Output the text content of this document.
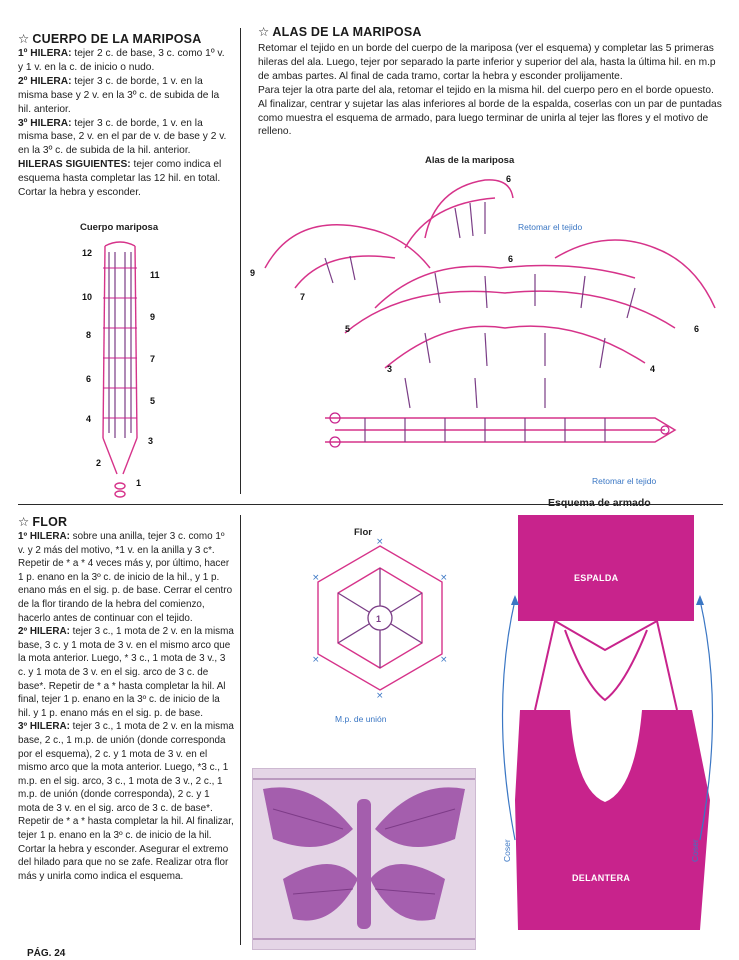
☆ CUERPO DE LA MARIPOSA

1º HILERA: tejer 2 c. de base, 3 c. como 1º v. y 1 v. en la c. de inicio o nudo.

2º HILERA: tejer 3 c. de borde, 1 v. en la misma base y 2 v. en la 3º c. de subida de la hil. anterior.

3º HILERA: tejer 3 c. de borde, 1 v. en la misma base, 2 v. en el par de v. de base y 2 v. en la 3º c. de subida de la hil. anterior.

HILERAS SIGUIENTES: tejer como indica el esquema hasta completar las 12 hil. en total. Cortar la hebra y esconder.

Cuerpo mariposa
12
10
8
6
4
2
11
9
7
5
3
1
☆ ALAS DE LA MARIPOSA

Retomar el tejido en un borde del cuerpo de la mariposa (ver el esquema) y completar las 5 primeras hileras del ala. Luego, tejer por separado la parte inferior y superior del ala, hasta la última hil. en m.p de ambas partes. Al final de cada tramo, cortar la hebra y esconder prolijamente.

Para tejer la otra parte del ala, retomar el tejido en la misma hil. del cuerpo pero en el borde opuesto.

Al finalizar, centrar y sujetar las alas inferiores al borde de la espalda, coserlas con un par de puntadas como muestra el esquema de armado, para luego terminar de unirla al tejer las flores y el motivo de relleno.

Alas de la mariposa
9
7
6
6
5	6
3	4
Retomar el tejido
Retomar el tejido
☆ FLOR

1º HILERA: sobre una anilla, tejer 3 c. como 1º v. y 2 más del motivo, *1 v. en la anilla y 3 c*. Repetir de * a * 4 veces más y, por último, hacer 1 p. enano en la 3º c. de inicio de la hil., y 1 p. enano más en el sig. p. de base. Cerrar el centro de la flor tirando de la hebra del comienzo, hacerlo antes de continuar con el tejido.

2º HILERA: tejer 3 c., 1 mota de 2 v. en la misma base, 3 c. y 1 mota de 3 v. en el mismo arco que la mota anterior. Luego, * 3 c., 1 mota de 3 v., 3 c. y 1 mota de 3 v. en el sig. arco de 3 c. de base*. Repetir de * a * hasta completar la hil. Al final, tejer 1 p. enano en la 3º c. de inicio de la hil. y 1 p. enano más en el sig. p. de base.

3º HILERA: tejer 3 c., 1 mota de 2 v. en la misma base, 2 c., 1 m.p. de unión (donde corresponda por el esquema), 2 c. y 1 mota de 3 v. en el mismo arco que la mota anterior. Luego, *3 c., 1 m.p. en el sig. arco, 3 c., 1 mota de 3 v., 2 c., 1 m.p. de unión (donde corresponda), 2 c. y 1 mota de 3 v. en el sig. arco de 3 c. de base*. Repetir de * a * hasta completar la hil. Al finalizar, tejer 1 p. enano en la 3º c. de inicio de la hil. Cortar la hebra y esconder. Asegurar el extremo del hilado para que no se zafe. Realizar otra flor más y unirla como indica el esquema.

Flor
×
×
×
×
×
×
1
M.p. de unión
Esquema de armado
ESPALDA
DELANTERA
Coser	Coser
PÁG. 24
